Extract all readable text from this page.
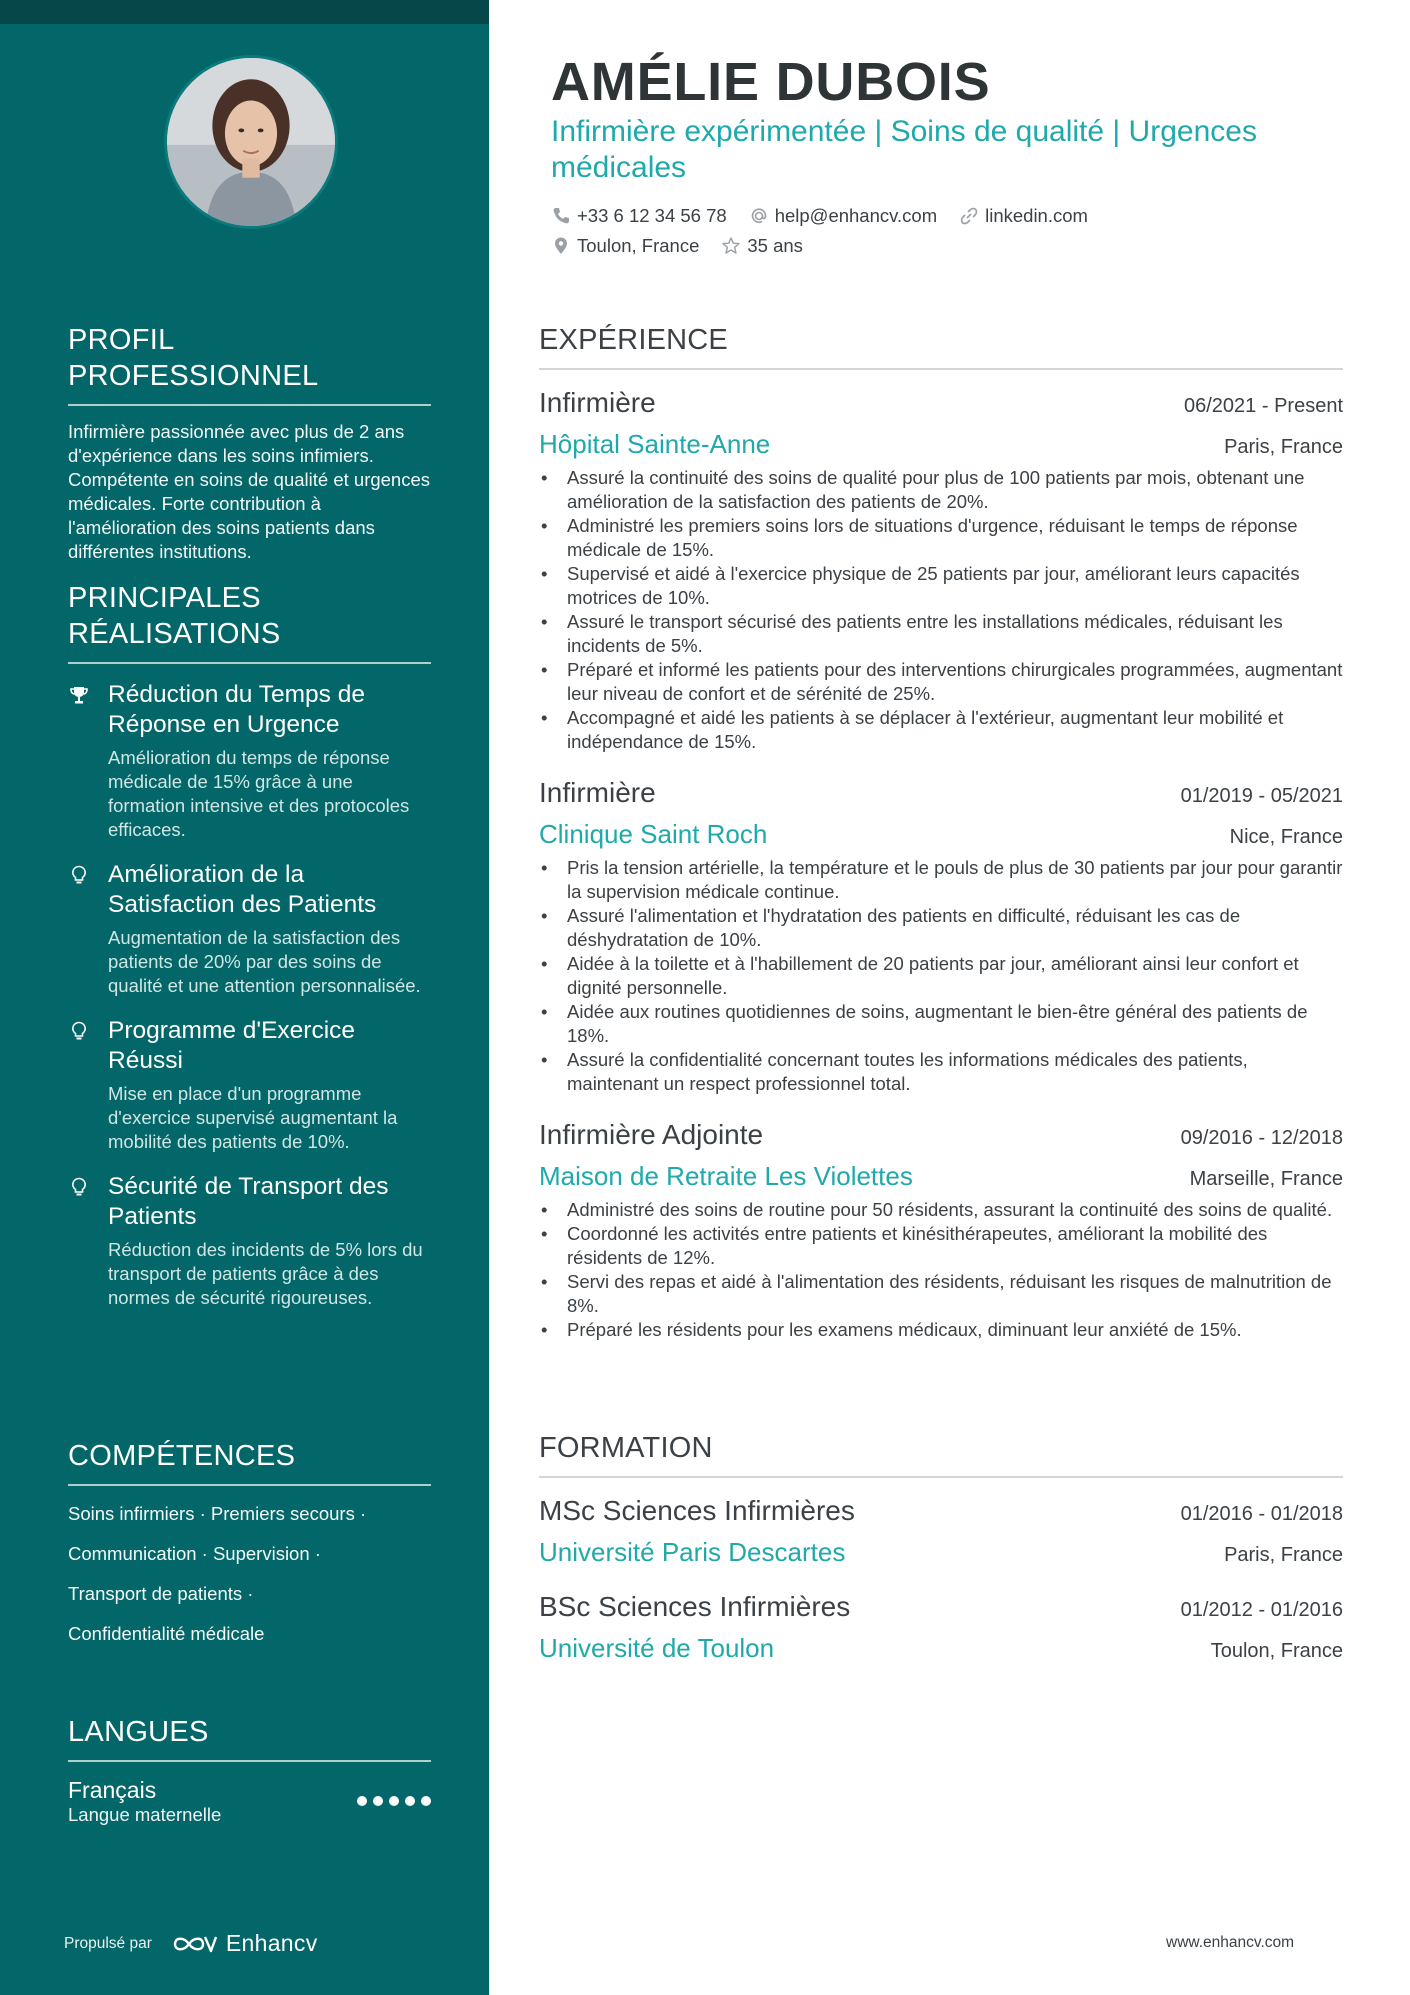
PROFIL PROFESSIONNEL
Infirmière passionnée avec plus de 2 ans d'expérience dans les soins infimiers. Compétente en soins de qualité et urgences médicales. Forte contribution à l'amélioration des soins patients dans différentes institutions.
PRINCIPALES RÉALISATIONS
Réduction du Temps de Réponse en Urgence
Amélioration du temps de réponse médicale de 15% grâce à une formation intensive et des protocoles efficaces.
Amélioration de la Satisfaction des Patients
Augmentation de la satisfaction des patients de 20% par des soins de qualité et une attention personnalisée.
Programme d'Exercice Réussi
Mise en place d'un programme d'exercice supervisé augmentant la mobilité des patients de 10%.
Sécurité de Transport des Patients
Réduction des incidents de 5% lors du transport de patients grâce à des normes de sécurité rigoureuses.
COMPÉTENCES
Soins infirmiers · Premiers secours ·
Communication · Supervision ·
Transport de patients ·
Confidentialité médicale
LANGUES
Français
Langue maternelle
Propulsé par	Enhancv
AMÉLIE DUBOIS
Infirmière expérimentée | Soins de qualité | Urgences médicales
+33 6 12 34 56 78	help@enhancv.com	linkedin.com
Toulon, France	35 ans
EXPÉRIENCE
Infirmière	06/2021 - Present
Hôpital Sainte-Anne	Paris, France
• Assuré la continuité des soins de qualité pour plus de 100 patients par mois, obtenant une amélioration de la satisfaction des patients de 20%.
• Administré les premiers soins lors de situations d'urgence, réduisant le temps de réponse médicale de 15%.
• Supervisé et aidé à l'exercice physique de 25 patients par jour, améliorant leurs capacités motrices de 10%.
• Assuré le transport sécurisé des patients entre les installations médicales, réduisant les incidents de 5%.
• Préparé et informé les patients pour des interventions chirurgicales programmées, augmentant leur niveau de confort et de sérénité de 25%.
• Accompagné et aidé les patients à se déplacer à l'extérieur, augmentant leur mobilité et indépendance de 15%.
Infirmière	01/2019 - 05/2021
Clinique Saint Roch	Nice, France
• Pris la tension artérielle, la température et le pouls de plus de 30 patients par jour pour garantir la supervision médicale continue.
• Assuré l'alimentation et l'hydratation des patients en difficulté, réduisant les cas de déshydratation de 10%.
• Aidée à la toilette et à l'habillement de 20 patients par jour, améliorant ainsi leur confort et dignité personnelle.
• Aidée aux routines quotidiennes de soins, augmentant le bien-être général des patients de 18%.
• Assuré la confidentialité concernant toutes les informations médicales des patients, maintenant un respect professionnel total.
Infirmière Adjointe	09/2016 - 12/2018
Maison de Retraite Les Violettes	Marseille, France
• Administré des soins de routine pour 50 résidents, assurant la continuité des soins de qualité.
• Coordonné les activités entre patients et kinésithérapeutes, améliorant la mobilité des résidents de 12%.
• Servi des repas et aidé à l'alimentation des résidents, réduisant les risques de malnutrition de 8%.
• Préparé les résidents pour les examens médicaux, diminuant leur anxiété de 15%.
FORMATION
MSc Sciences Infirmières	01/2016 - 01/2018
Université Paris Descartes	Paris, France
BSc Sciences Infirmières	01/2012 - 01/2016
Université de Toulon	Toulon, France
www.enhancv.com
